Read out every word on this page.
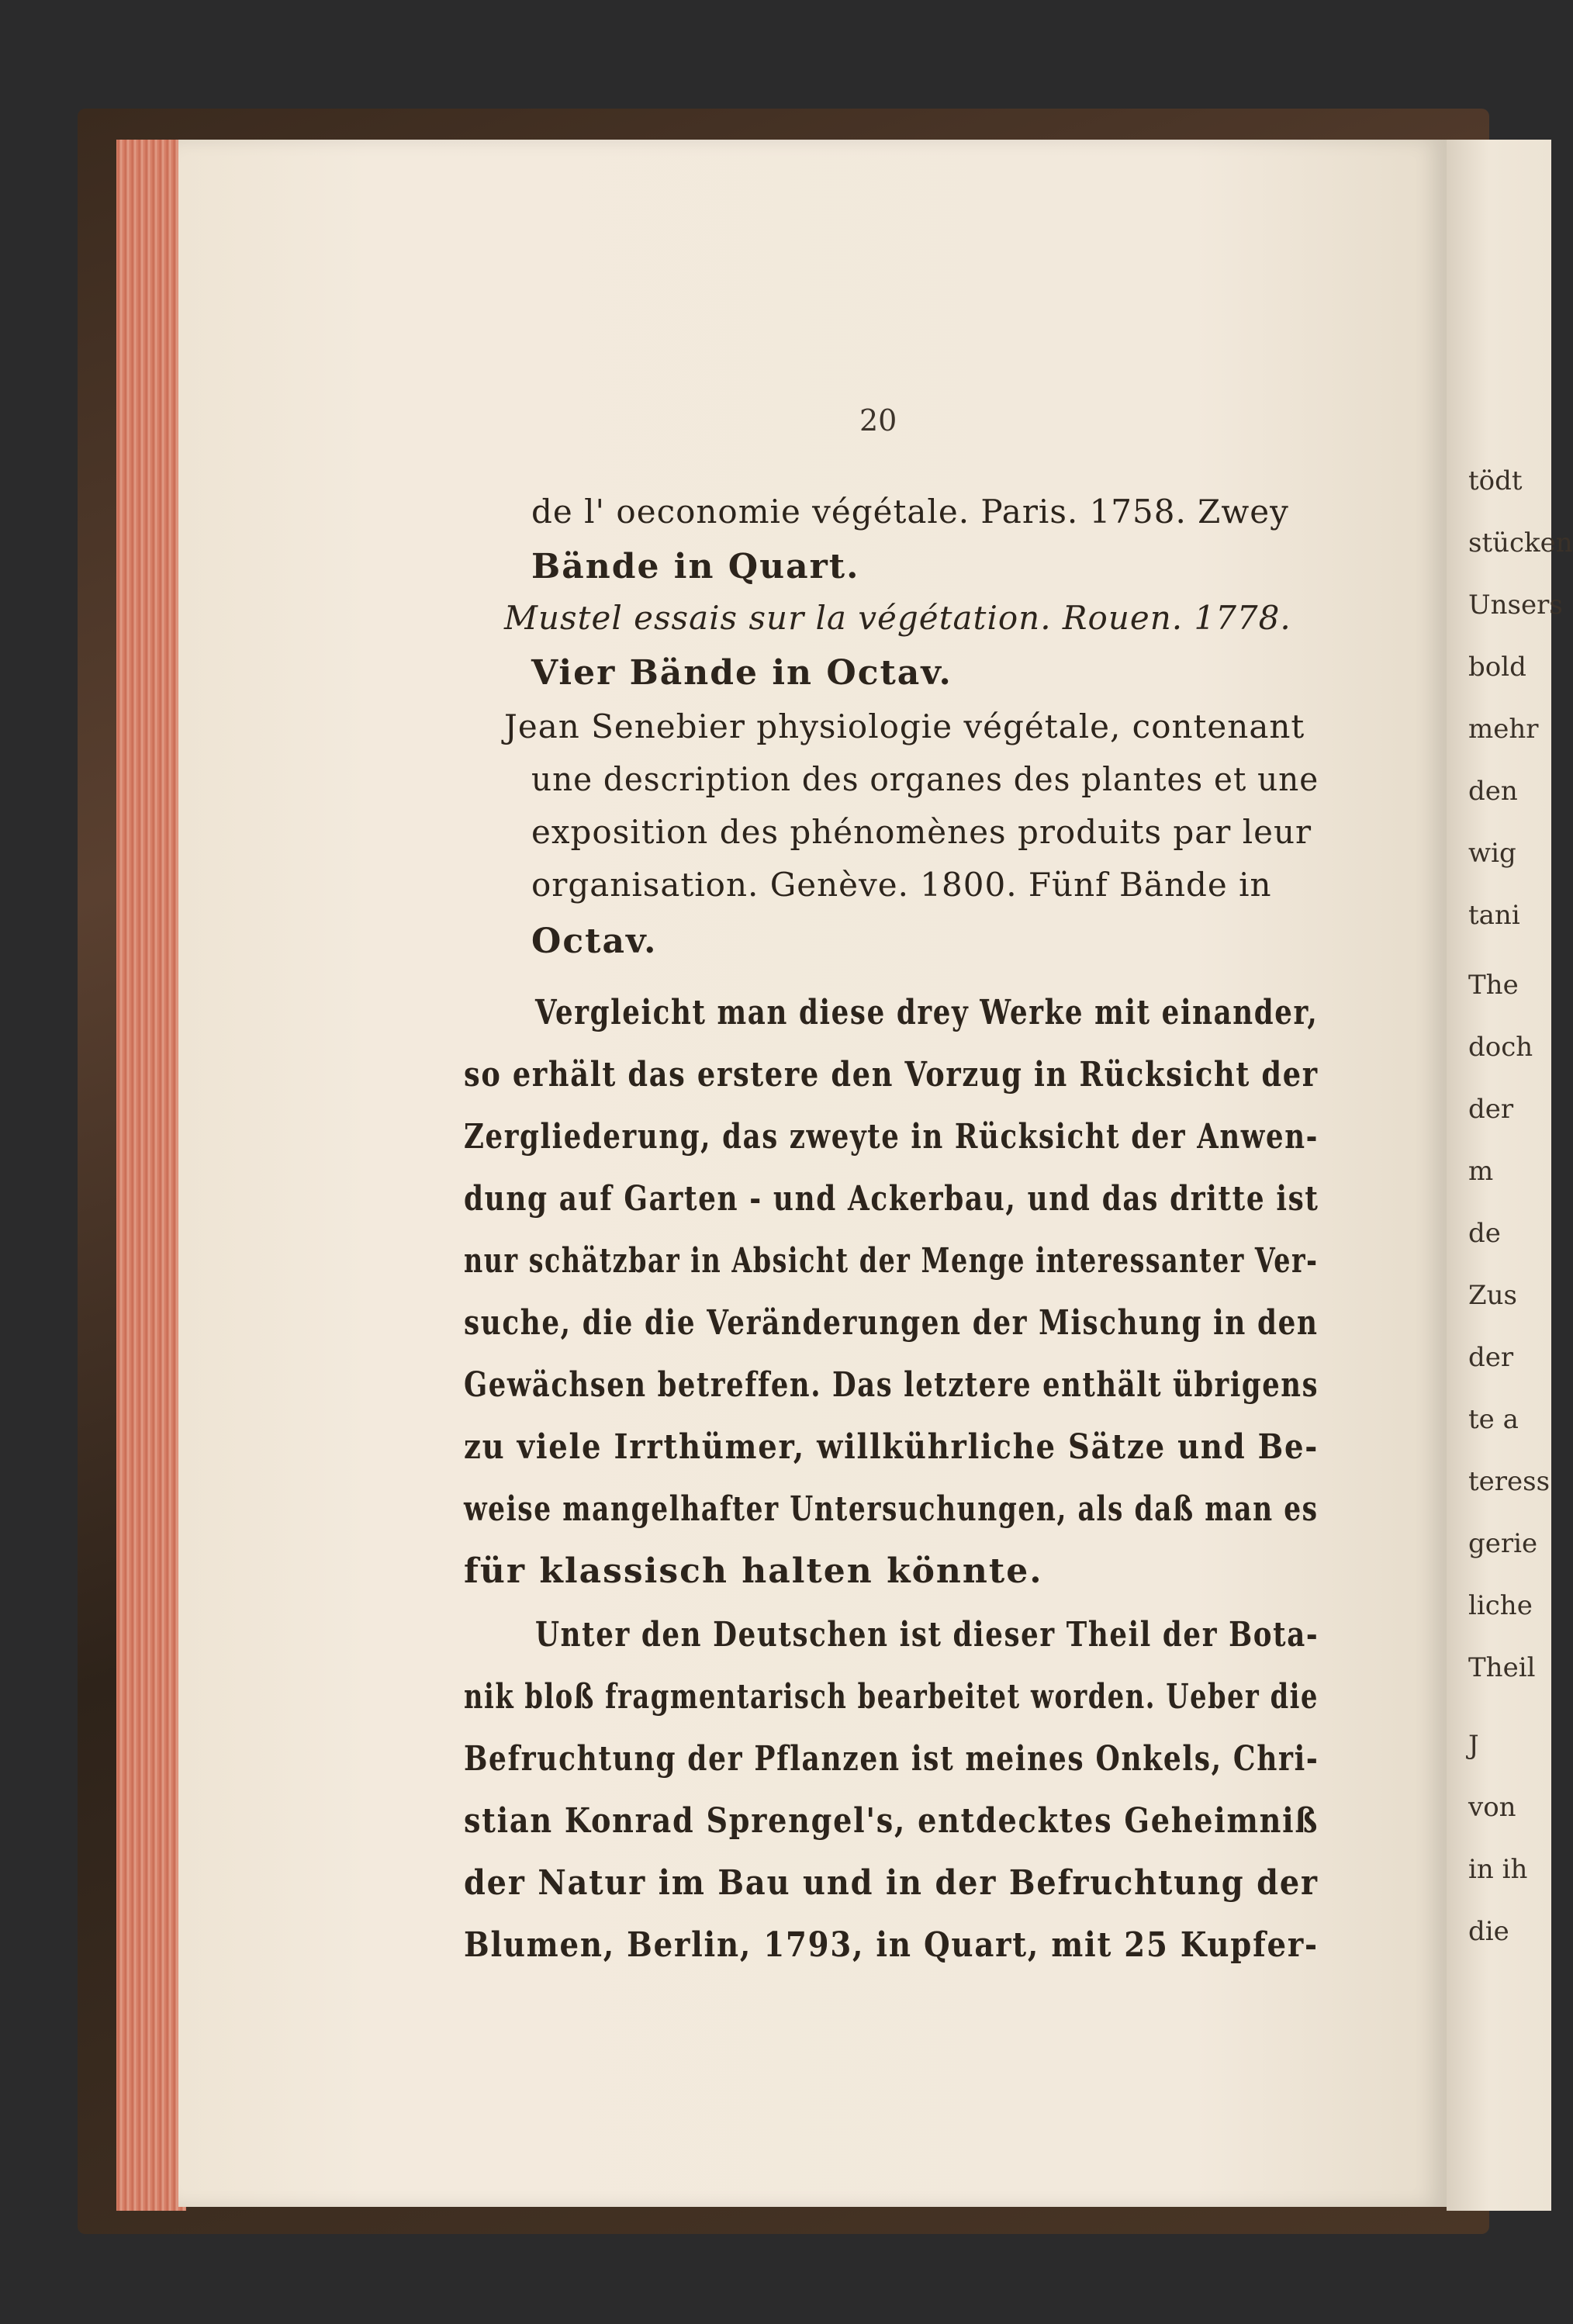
20
de l' oeconomie végétale. Paris. 1758. Zwey
Bände in Quart.
Mustel essais sur la végétation. Rouen. 1778.
Vier Bände in Octav.
Jean Senebier physiologie végétale, contenant
une description des organes des plantes et une
exposition des phénomènes produits par leur
organisation. Genève. 1800. Fünf Bände in
Octav.
Vergleicht man diese drey Werke mit einander,
so erhält das erstere den Vorzug in Rücksicht der
Zergliederung, das zweyte in Rücksicht der Anwen-
dung auf Garten - und Ackerbau, und das dritte ist
nur schätzbar in Absicht der Menge interessanter Ver-
suche, die die Veränderungen der Mischung in den
Gewächsen betreffen. Das letztere enthält übrigens
zu viele Irrthümer, willkührliche Sätze und Be-
weise mangelhafter Untersuchungen, als daß man es
für klassisch halten könnte.
Unter den Deutschen ist dieser Theil der Bota-
nik bloß fragmentarisch bearbeitet worden. Ueber die
Befruchtung der Pflanzen ist meines Onkels, Chri-
stian Konrad Sprengel's, entdecktes Geheimniß
der Natur im Bau und in der Befruchtung der
Blumen, Berlin, 1793, in Quart, mit 25 Kupfer-
tödt
stücken
Unsers
bold
mehr
den
wig
tani
The
doch
der
m
de
Zus
der
te a
teress
gerie
liche
Theil
J
von
in ih
die
